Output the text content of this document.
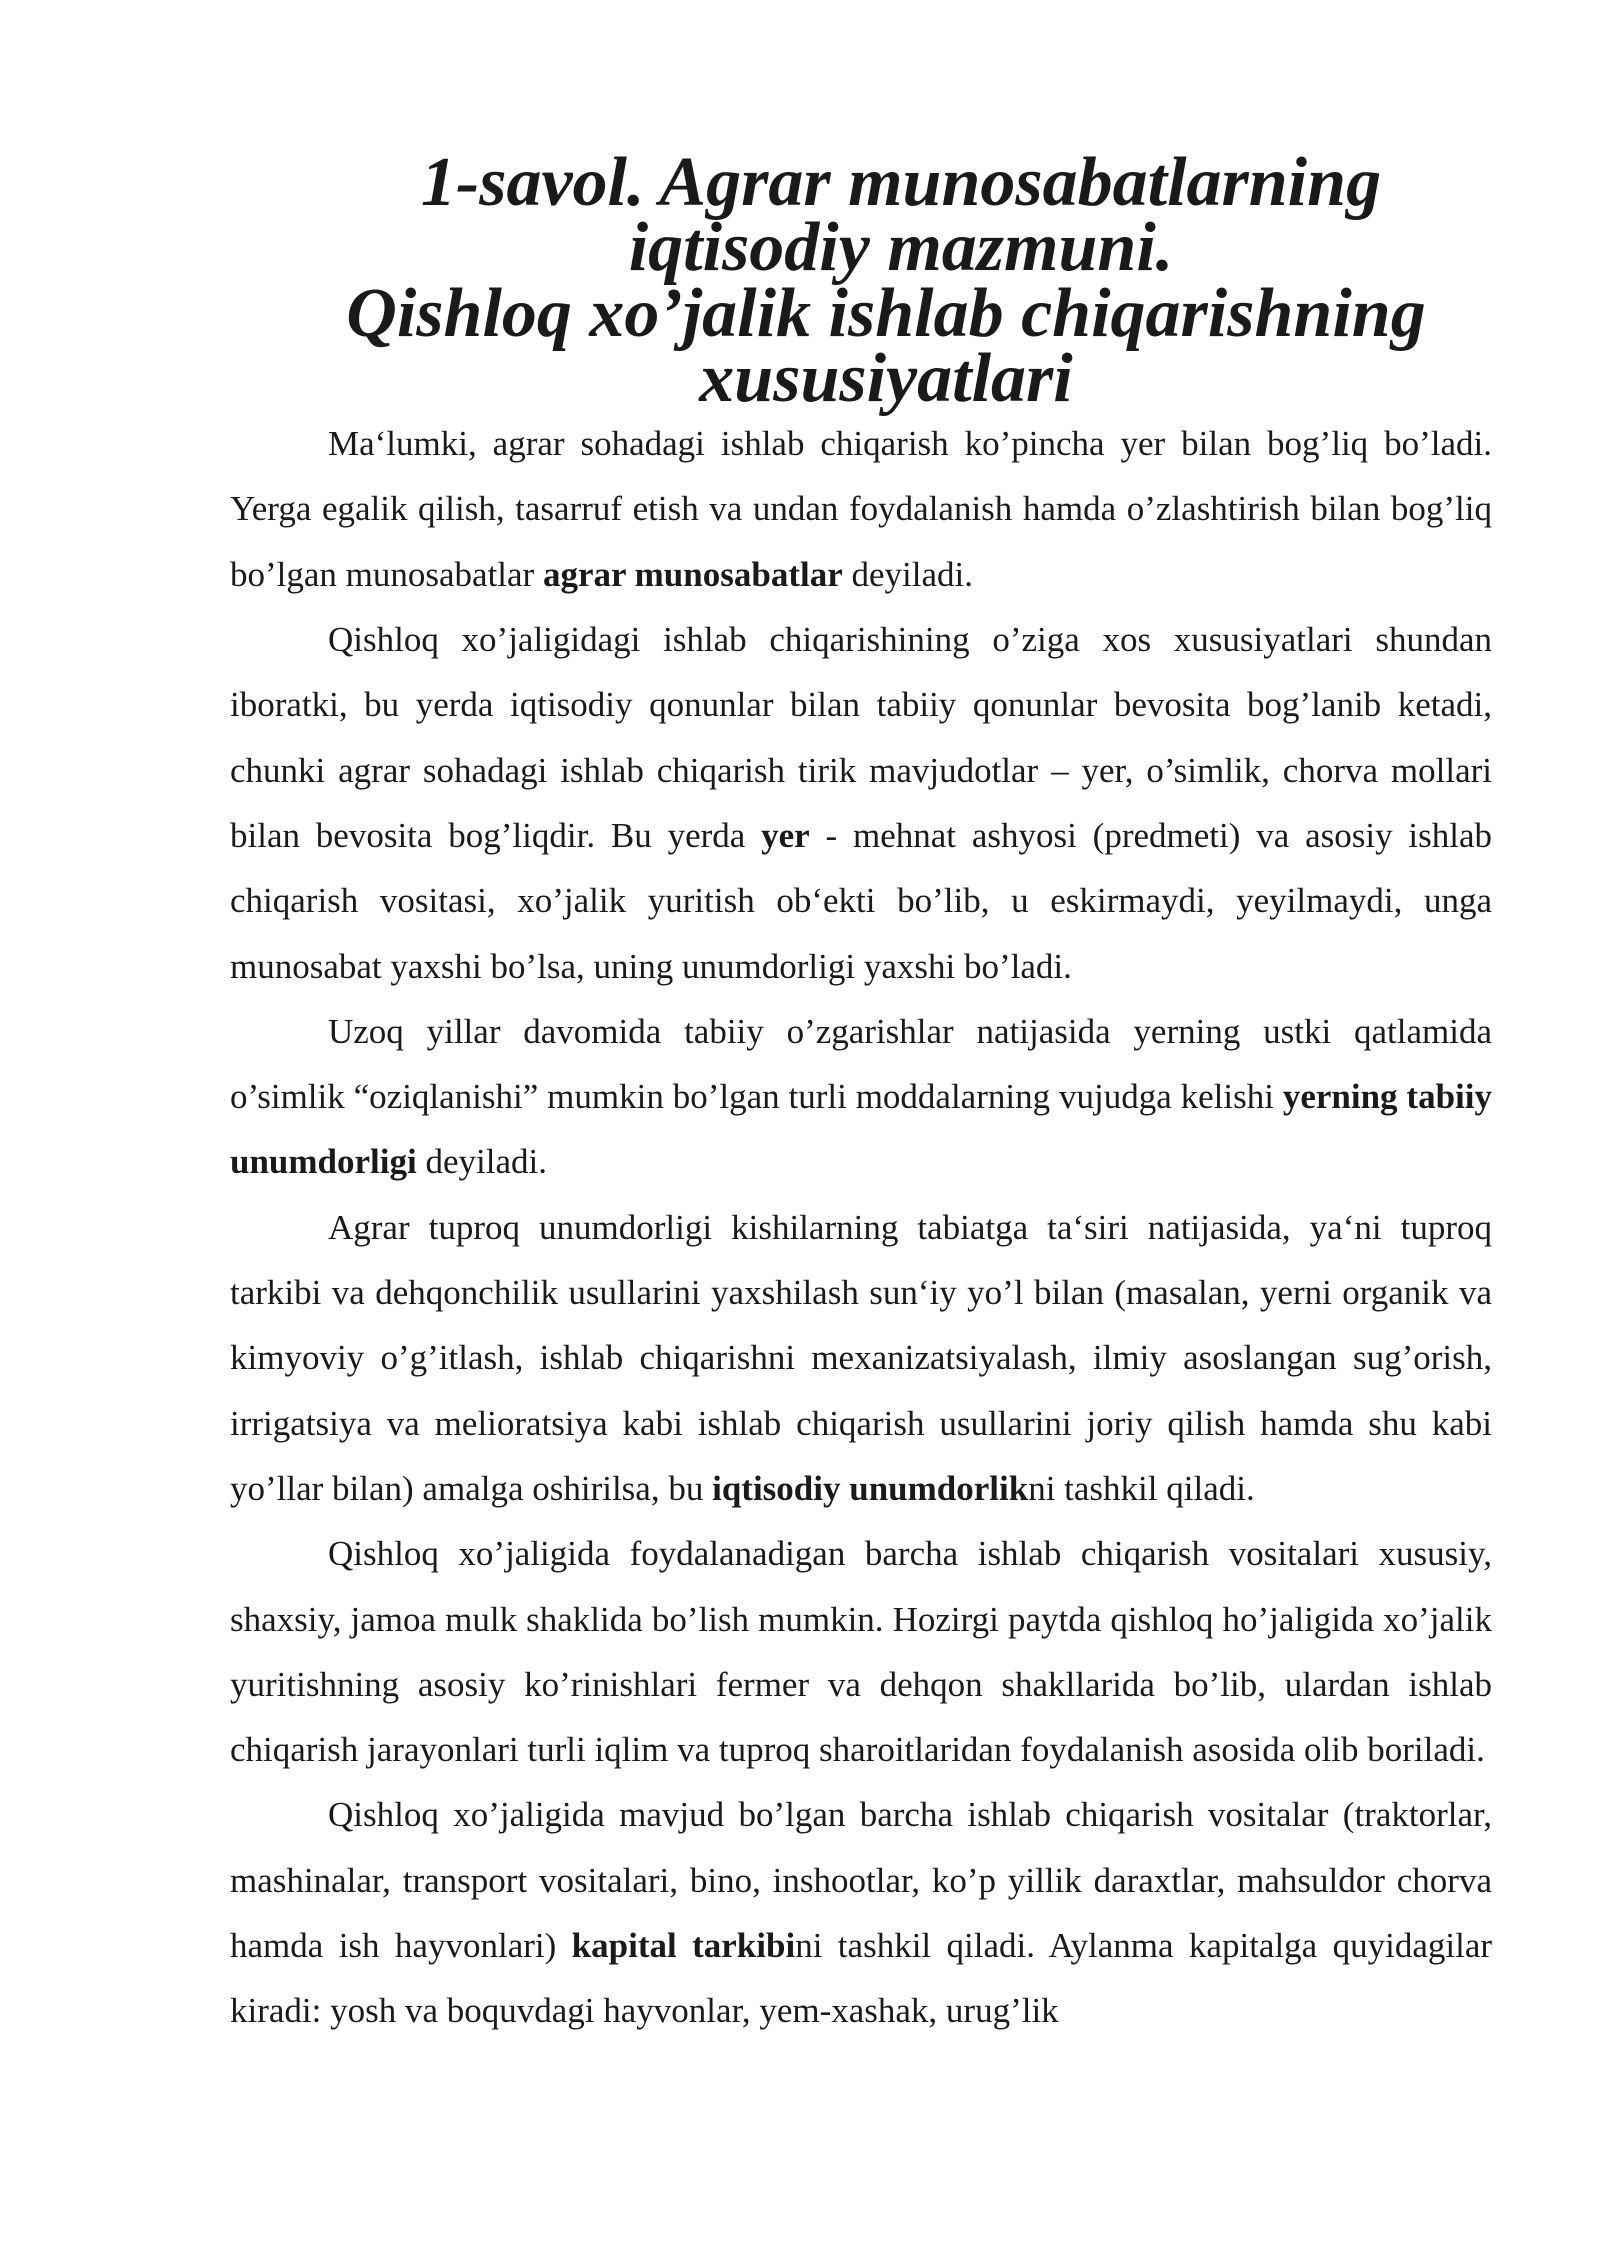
1-savol. Agrar munosabatlarning iqtisodiy mazmuni.
Qishloq xo’jalik ishlab chiqarishning xususiyatlari

Ma‘lumki, agrar sohadagi ishlab chiqarish ko’pincha yer bilan bog’liq bo’ladi. Yerga egalik qilish, tasarruf etish va undan foydalanish hamda o’zlashtirish bilan bog’liq bo’lgan munosabatlar agrar munosabatlar deyiladi.

Qishloq xo’jaligidagi ishlab chiqarishining o’ziga xos xususiyatlari shundan iboratki, bu yerda iqtisodiy qonunlar bilan tabiiy qonunlar bevosita bog’lanib ketadi, chunki agrar sohadagi ishlab chiqarish tirik mavjudotlar – yer, o’simlik, chorva mollari bilan bevosita bog’liqdir. Bu yerda yer - mehnat ashyosi (predmeti) va asosiy ishlab chiqarish vositasi, xo’jalik yuritish ob‘ekti bo’lib, u eskirmaydi, yeyilmaydi, unga munosabat yaxshi bo’lsa, uning unumdorligi yaxshi bo’ladi.

Uzoq yillar davomida tabiiy o’zgarishlar natijasida yerning ustki qatlamida o’simlik “oziqlanishi” mumkin bo’lgan turli moddalarning vujudga kelishi yerning tabiiy unumdorligi deyiladi.

Agrar tuproq unumdorligi kishilarning tabiatga ta‘siri natijasida, ya‘ni tuproq tarkibi va dehqonchilik usullarini yaxshilash sun‘iy yo’l bilan (masalan, yerni organik va kimyoviy o’g’itlash, ishlab chiqarishni mexanizatsiyalash, ilmiy asoslangan sug’orish, irrigatsiya va melioratsiya kabi ishlab chiqarish usullarini joriy qilish hamda shu kabi yo’llar bilan) amalga oshirilsa, bu iqtisodiy unumdorlikni tashkil qiladi.

Qishloq xo’jaligida foydalanadigan barcha ishlab chiqarish vositalari xususiy, shaxsiy, jamoa mulk shaklida bo’lish mumkin. Hozirgi paytda qishloq ho’jaligida xo’jalik yuritishning asosiy ko’rinishlari fermer va dehqon shakllarida bo’lib, ulardan ishlab chiqarish jarayonlari turli iqlim va tuproq sharoitlaridan foydalanish asosida olib boriladi.

Qishloq xo’jaligida mavjud bo’lgan barcha ishlab chiqarish vositalar (traktorlar, mashinalar, transport vositalari, bino, inshootlar, ko’p yillik daraxtlar, mahsuldor chorva hamda ish hayvonlari) kapital tarkibini tashkil qiladi. Aylanma kapitalga quyidagilar kiradi: yosh va boquvdagi hayvonlar, yem-xashak, urug’lik
